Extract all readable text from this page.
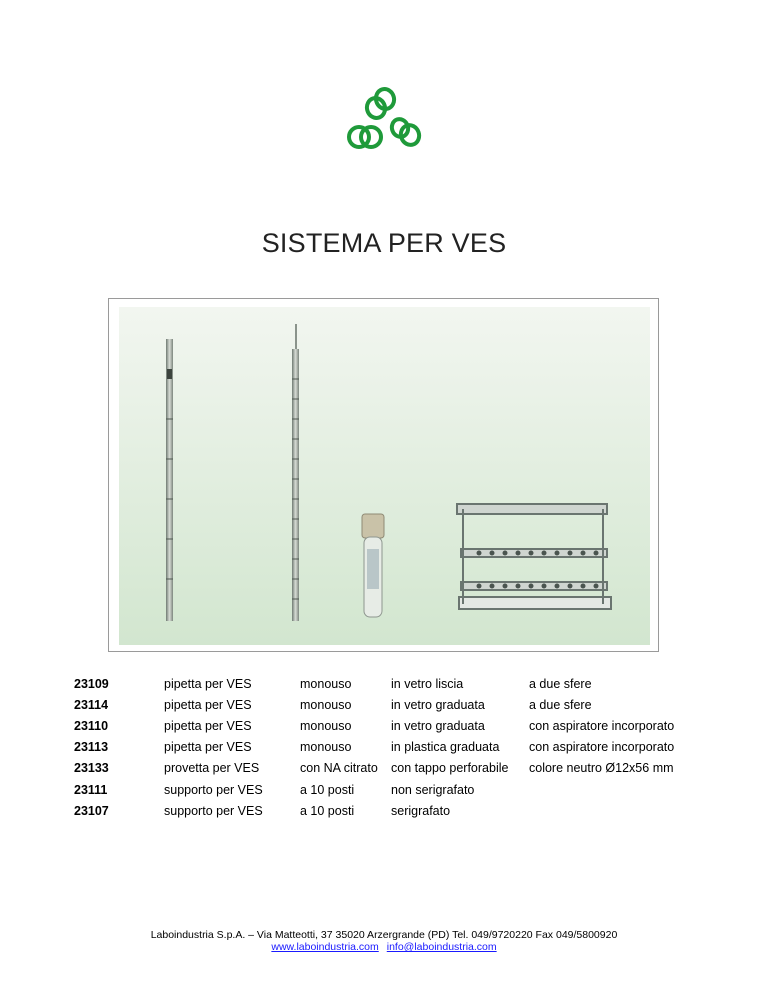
SISTEMA PER VES
23109	pipetta per VES	monouso	in vetro liscia	a due sfere
23114	pipetta per VES	monouso	in vetro graduata	a due sfere
23110	pipetta per VES	monouso	in vetro graduata	con aspiratore incorporato
23113	pipetta per VES	monouso	in plastica graduata	con aspiratore incorporato
23133	provetta per VES	con NA citrato	con tappo perforabile	colore neutro Ø12x56 mm
23111	supporto per VES	a 10 posti	non serigrafato	
23107	supporto per VES	a 10 posti	serigrafato	
Laboindustria S.p.A. – Via Matteotti, 37 35020 Arzergrande (PD) Tel. 049/9720220 Fax 049/5800920
www.laboindustria.com info@laboindustria.com
